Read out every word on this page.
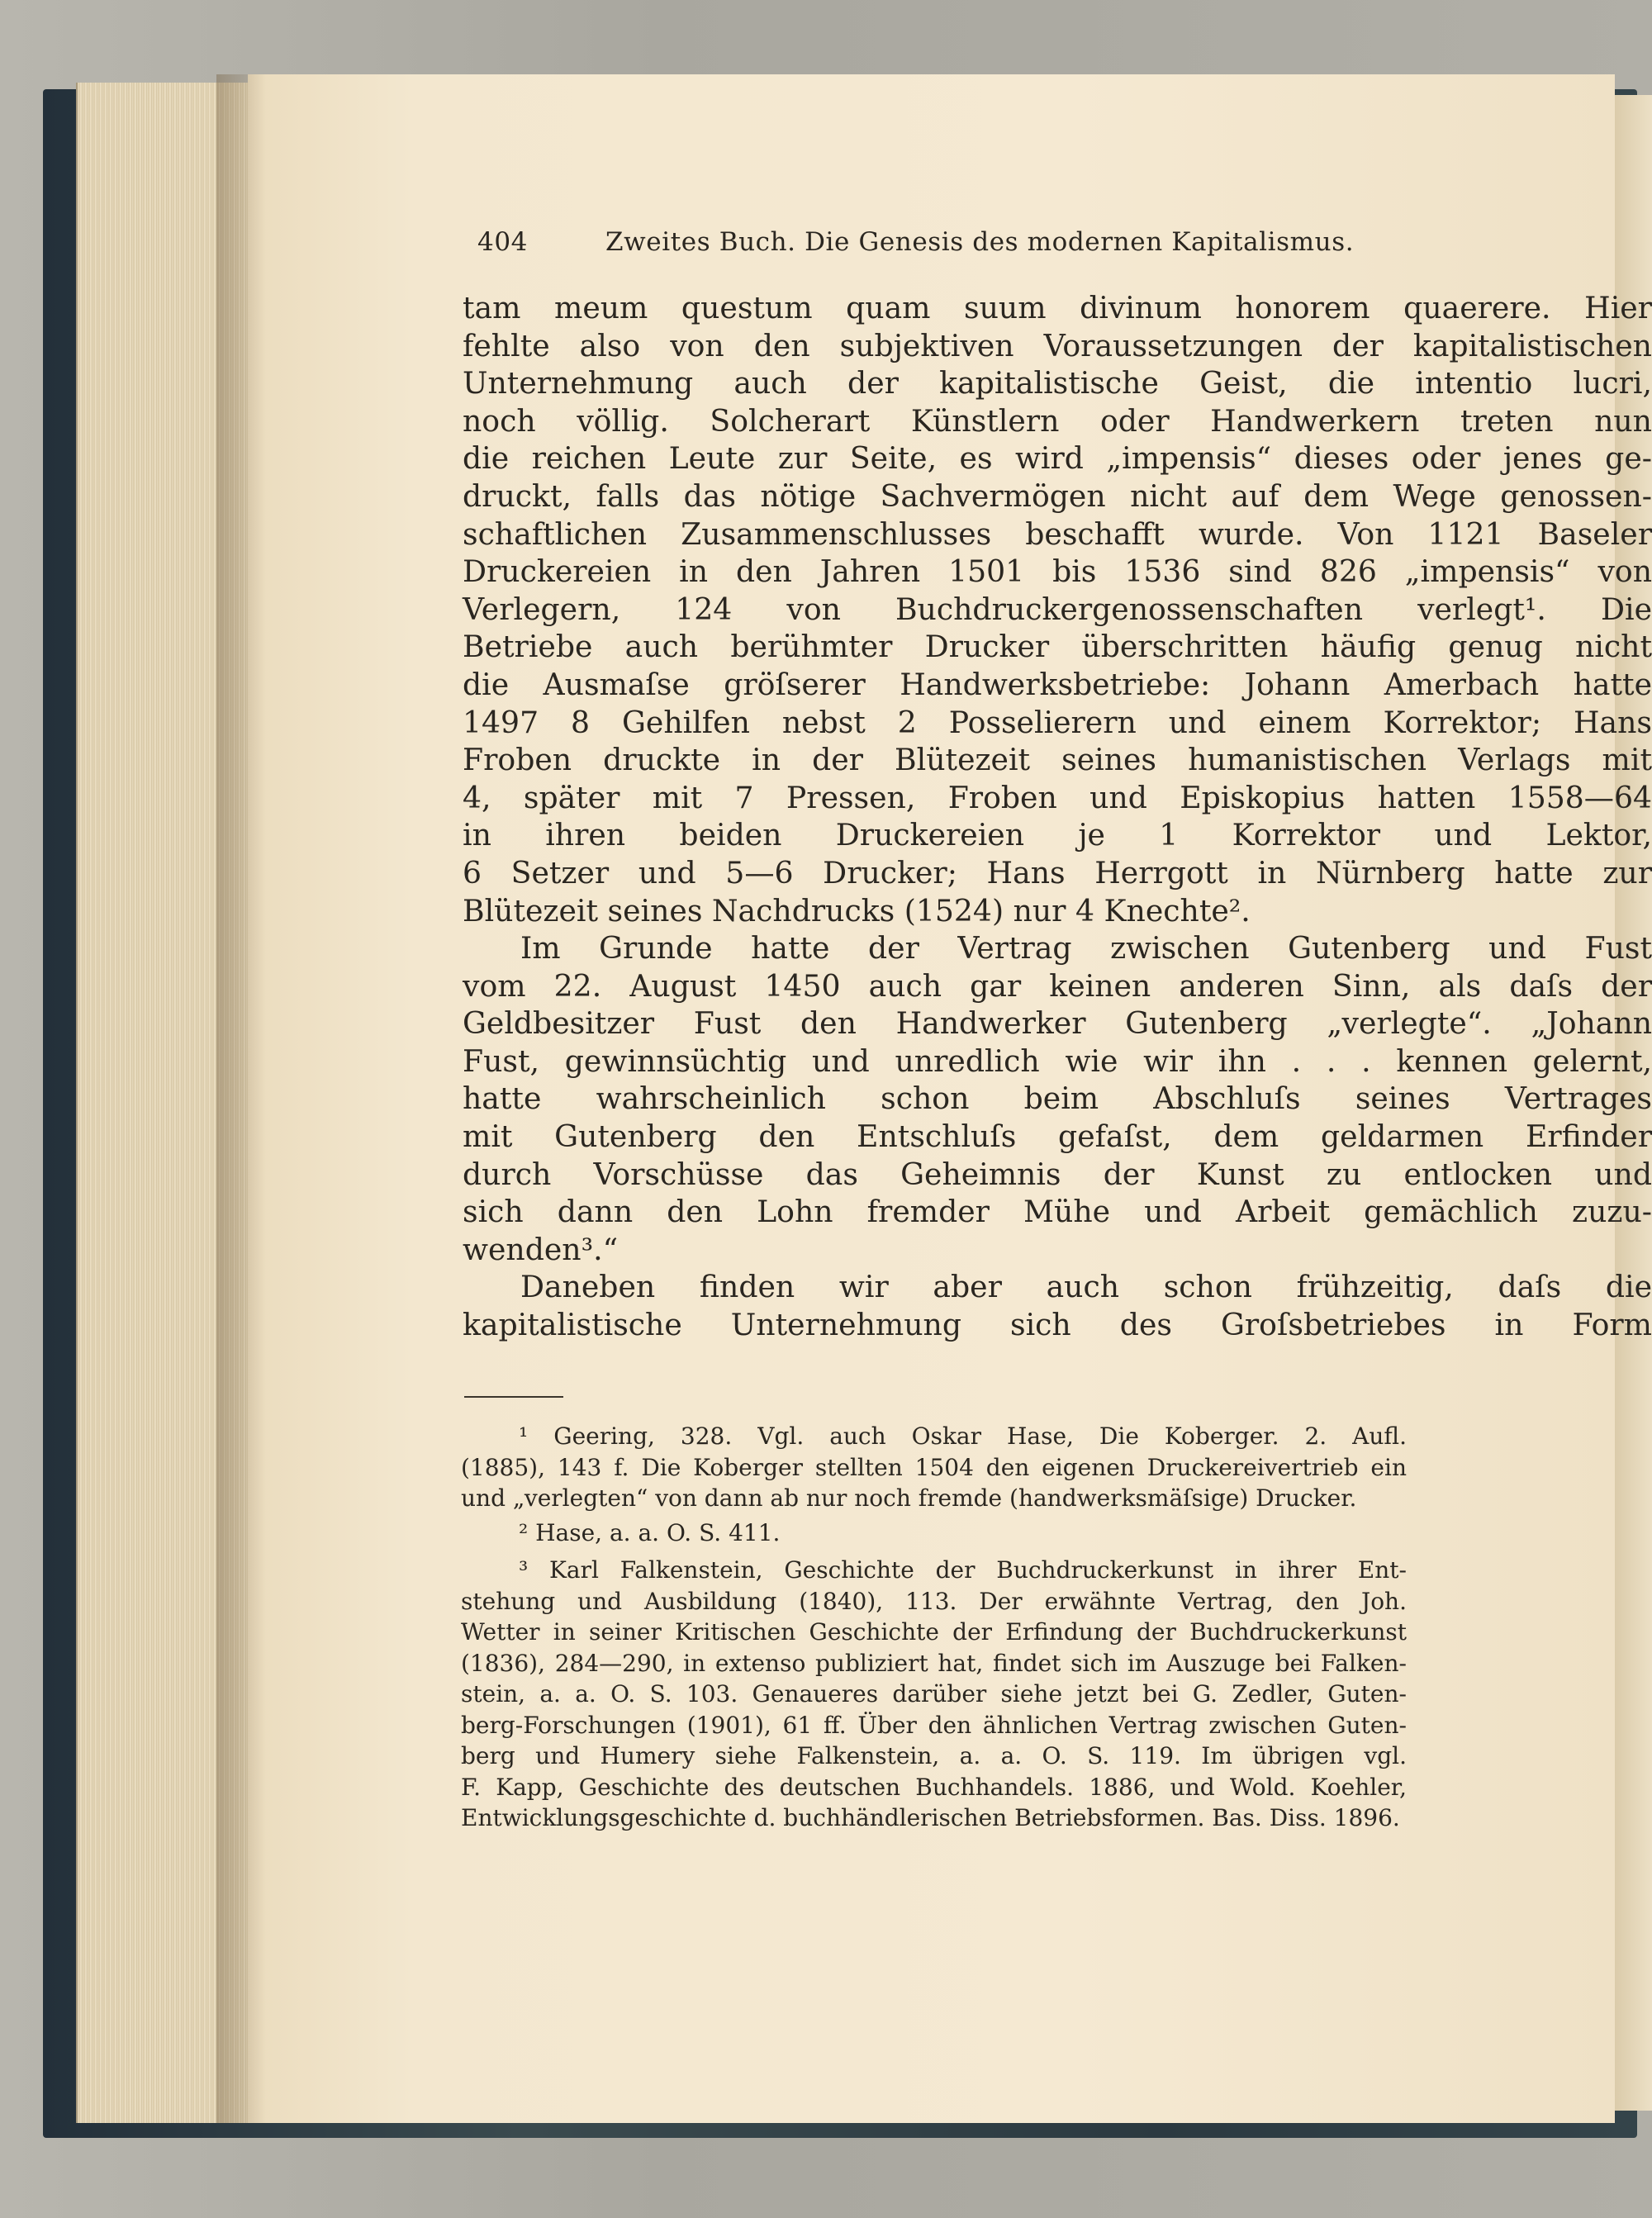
404	Zweites Buch. Die Genesis des modernen Kapitalismus.

tam meum questum quam suum divinum honorem quaerere. Hier
fehlte also von den subjektiven Voraussetzungen der kapitalistischen
Unternehmung auch der kapitalistische Geist, die intentio lucri,
noch völlig. Solcherart Künstlern oder Handwerkern treten nun
die reichen Leute zur Seite, es wird „impensis“ dieses oder jenes ge-
druckt, falls das nötige Sachvermögen nicht auf dem Wege genossen-
schaftlichen Zusammenschlusses beschafft wurde. Von 1121 Baseler
Druckereien in den Jahren 1501 bis 1536 sind 826 „impensis“ von
Verlegern, 124 von Buchdruckergenossenschaften verlegt¹. Die
Betriebe auch berühmter Drucker überschritten häufig genug nicht
die Ausmaſse gröſserer Handwerksbetriebe: Johann Amerbach hatte
1497 8 Gehilfen nebst 2 Posselierern und einem Korrektor; Hans
Froben druckte in der Blütezeit seines humanistischen Verlags mit
4, später mit 7 Pressen, Froben und Episkopius hatten 1558—64
in ihren beiden Druckereien je 1 Korrektor und Lektor,
6 Setzer und 5—6 Drucker; Hans Herrgott in Nürnberg hatte zur
Blütezeit seines Nachdrucks (1524) nur 4 Knechte².

Im Grunde hatte der Vertrag zwischen Gutenberg und Fust
vom 22. August 1450 auch gar keinen anderen Sinn, als daſs der
Geldbesitzer Fust den Handwerker Gutenberg „verlegte“. „Johann
Fust, gewinnsüchtig und unredlich wie wir ihn . . . kennen gelernt,
hatte wahrscheinlich schon beim Abschluſs seines Vertrages
mit Gutenberg den Entschluſs gefaſst, dem geldarmen Erfinder
durch Vorschüsse das Geheimnis der Kunst zu entlocken und
sich dann den Lohn fremder Mühe und Arbeit gemächlich zuzu-
wenden³.“

Daneben finden wir aber auch schon frühzeitig, daſs die
kapitalistische Unternehmung sich des Groſsbetriebes in Form

¹ Geering, 328. Vgl. auch Oskar Hase, Die Koberger. 2. Aufl.
(1885), 143 f. Die Koberger stellten 1504 den eigenen Druckereivertrieb ein
und „verlegten“ von dann ab nur noch fremde (handwerksmäſsige) Drucker.
² Hase, a. a. O. S. 411.
³ Karl Falkenstein, Geschichte der Buchdruckerkunst in ihrer Ent-
stehung und Ausbildung (1840), 113. Der erwähnte Vertrag, den Joh.
Wetter in seiner Kritischen Geschichte der Erfindung der Buchdruckerkunst
(1836), 284—290, in extenso publiziert hat, findet sich im Auszuge bei Falken-
stein, a. a. O. S. 103. Genaueres darüber siehe jetzt bei G. Zedler, Guten-
berg-Forschungen (1901), 61 ff. Über den ähnlichen Vertrag zwischen Guten-
berg und Humery siehe Falkenstein, a. a. O. S. 119. Im übrigen vgl.
F. Kapp, Geschichte des deutschen Buchhandels. 1886, und Wold. Koehler,
Entwicklungsgeschichte d. buchhändlerischen Betriebsformen. Bas. Diss. 1896.
